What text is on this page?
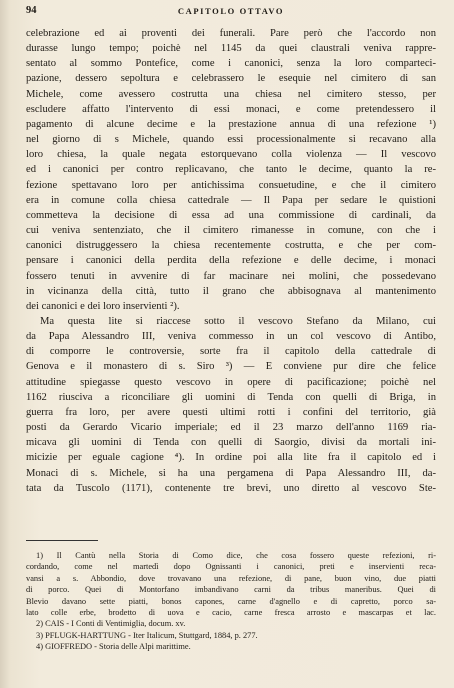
94	CAPITOLO OTTAVO
celebrazione ed ai proventi dei funerali. Pare però che l'accordo non
durasse lungo tempo; poichè nel 1145 da quei claustrali veniva rappre-
sentato al sommo Pontefice, come i canonici, senza la loro comparteci-
pazione, dessero sepoltura e celebrassero le esequie nel cimitero di san
Michele, come avessero costrutta una chiesa nel cimitero stesso, per
escludere affatto l'intervento di essi monaci, e come pretendessero il
pagamento di alcune decime e la prestazione annua di una refezione ¹)
nel giorno di s Michele, quando essi processionalmente si recavano alla
loro chiesa, la quale negata estorquevano colla violenza — Il vescovo
ed i canonici per contro replicavano, che tanto le decime, quanto la re-
fezione spettavano loro per antichissima consuetudine, e che il cimitero
era in comune colla chiesa cattedrale — Il Papa per sedare le quistioni
commetteva la decisione di essa ad una commissione di cardinali, da
cui veniva sentenziato, che il cimitero rimanesse in comune, con che i
canonici distruggessero la chiesa recentemente costrutta, e che per com-
pensare i canonici della perdita della refezione e delle decime, i monaci
fossero tenuti in avvenire di far macinare nei molini, che possedevano
in vicinanza della città, tutto il grano che abbisognava al mantenimento
dei canonici e dei loro inservienti ²).
Ma questa lite si riaccese sotto il vescovo Stefano da Milano, cui
da Papa Alessandro III, veniva commesso in un col vescovo di Antibo,
di comporre le controversie, sorte fra il capitolo della cattedrale di
Genova e il monastero di s. Siro ³) — E conviene pur dire che felice
attitudine spiegasse questo vescovo in opere di pacificazione; poichè nel
1162 riusciva a riconciliare gli uomini di Tenda con quelli di Briga, in
guerra fra loro, per avere questi ultimi rotti i confini del territorio, già
posti da Gerardo Vicario imperiale; ed il 23 marzo dell'anno 1169 ria-
micava gli uomini di Tenda con quelli di Saorgio, divisi da mortali ini-
micizie per eguale cagione ⁴). In ordine poi alla lite fra il capitolo ed i
Monaci di s. Michele, si ha una pergamena di Papa Alessandro III, da-
tata da Tuscolo (1171), contenente tre brevi, uno diretto al vescovo Ste-
1) Il Cantù nella Storia di Como dice, che cosa fossero queste refezioni, ri-
cordando, come nel martedì dopo Ognissanti i canonici, preti e inservienti reca-
vansi a s. Abbondio, dove trovavano una refezione, di pane, buon vino, due piatti
di porco. Quei di Montorfano imbandivano carni da tribus maneribus. Quei di
Blevio davano sette piatti, bonos capones, carne d'agnello e di capretto, porco sa-
lato colle erbe, brodetto di uova e cacio, carne fresca arrosto e mascarpas et lac.
2) CAIS - I Conti di Ventimiglia, docum. xv.
3) PFLUGK-HARTTUNG - Iter Italicum, Stuttgard, 1884, p. 277.
4) GIOFFREDO - Storia delle Alpi marittime.
